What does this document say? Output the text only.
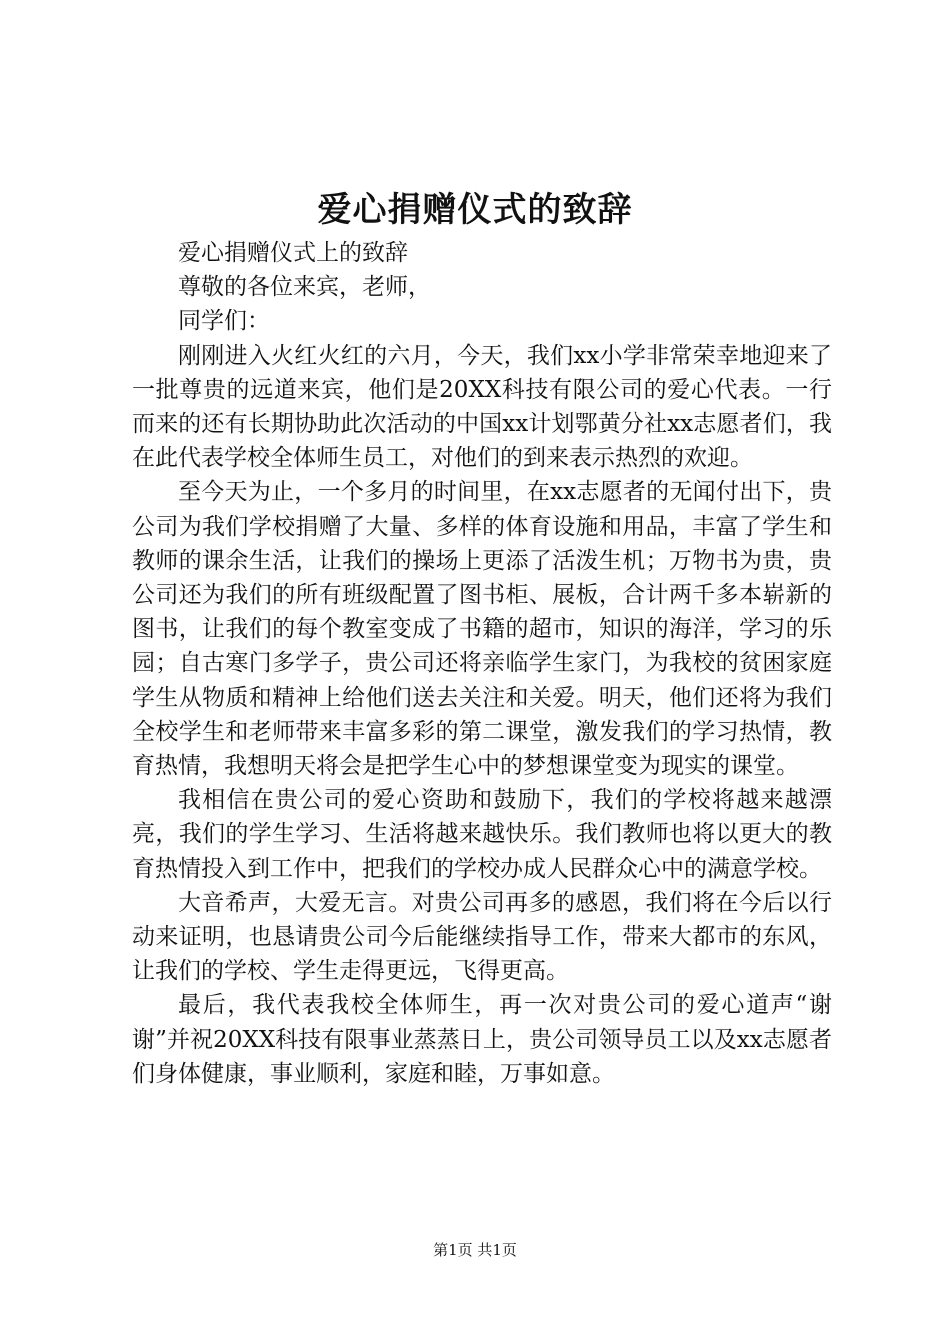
爱心捐赠仪式的致辞

爱心捐赠仪式上的致辞

尊敬的各位来宾，老师，

同学们：

刚刚进入火红火红的六月，今天，我们xx小学非常荣幸地迎来了一批尊贵的远道来宾，他们是20XX科技有限公司的爱心代表。一行而来的还有长期协助此次活动的中国xx计划鄂黄分社xx志愿者们，我在此代表学校全体师生员工，对他们的到来表示热烈的欢迎。

至今天为止，一个多月的时间里，在xx志愿者的无闻付出下，贵公司为我们学校捐赠了大量、多样的体育设施和用品，丰富了学生和教师的课余生活，让我们的操场上更添了活泼生机；万物书为贵，贵公司还为我们的所有班级配置了图书柜、展板，合计两千多本崭新的图书，让我们的每个教室变成了书籍的超市，知识的海洋，学习的乐园；自古寒门多学子，贵公司还将亲临学生家门，为我校的贫困家庭学生从物质和精神上给他们送去关注和关爱。明天，他们还将为我们全校学生和老师带来丰富多彩的第二课堂，激发我们的学习热情，教育热情，我想明天将会是把学生心中的梦想课堂变为现实的课堂。

我相信在贵公司的爱心资助和鼓励下，我们的学校将越来越漂亮，我们的学生学习、生活将越来越快乐。我们教师也将以更大的教育热情投入到工作中，把我们的学校办成人民群众心中的满意学校。

大音希声，大爱无言。对贵公司再多的感恩，我们将在今后以行动来证明，也恳请贵公司今后能继续指导工作，带来大都市的东风，让我们的学校、学生走得更远，飞得更高。

最后，我代表我校全体师生，再一次对贵公司的爱心道声“谢谢”并祝20XX科技有限事业蒸蒸日上，贵公司领导员工以及xx志愿者们身体健康，事业顺利，家庭和睦，万事如意。

第1页 共1页
